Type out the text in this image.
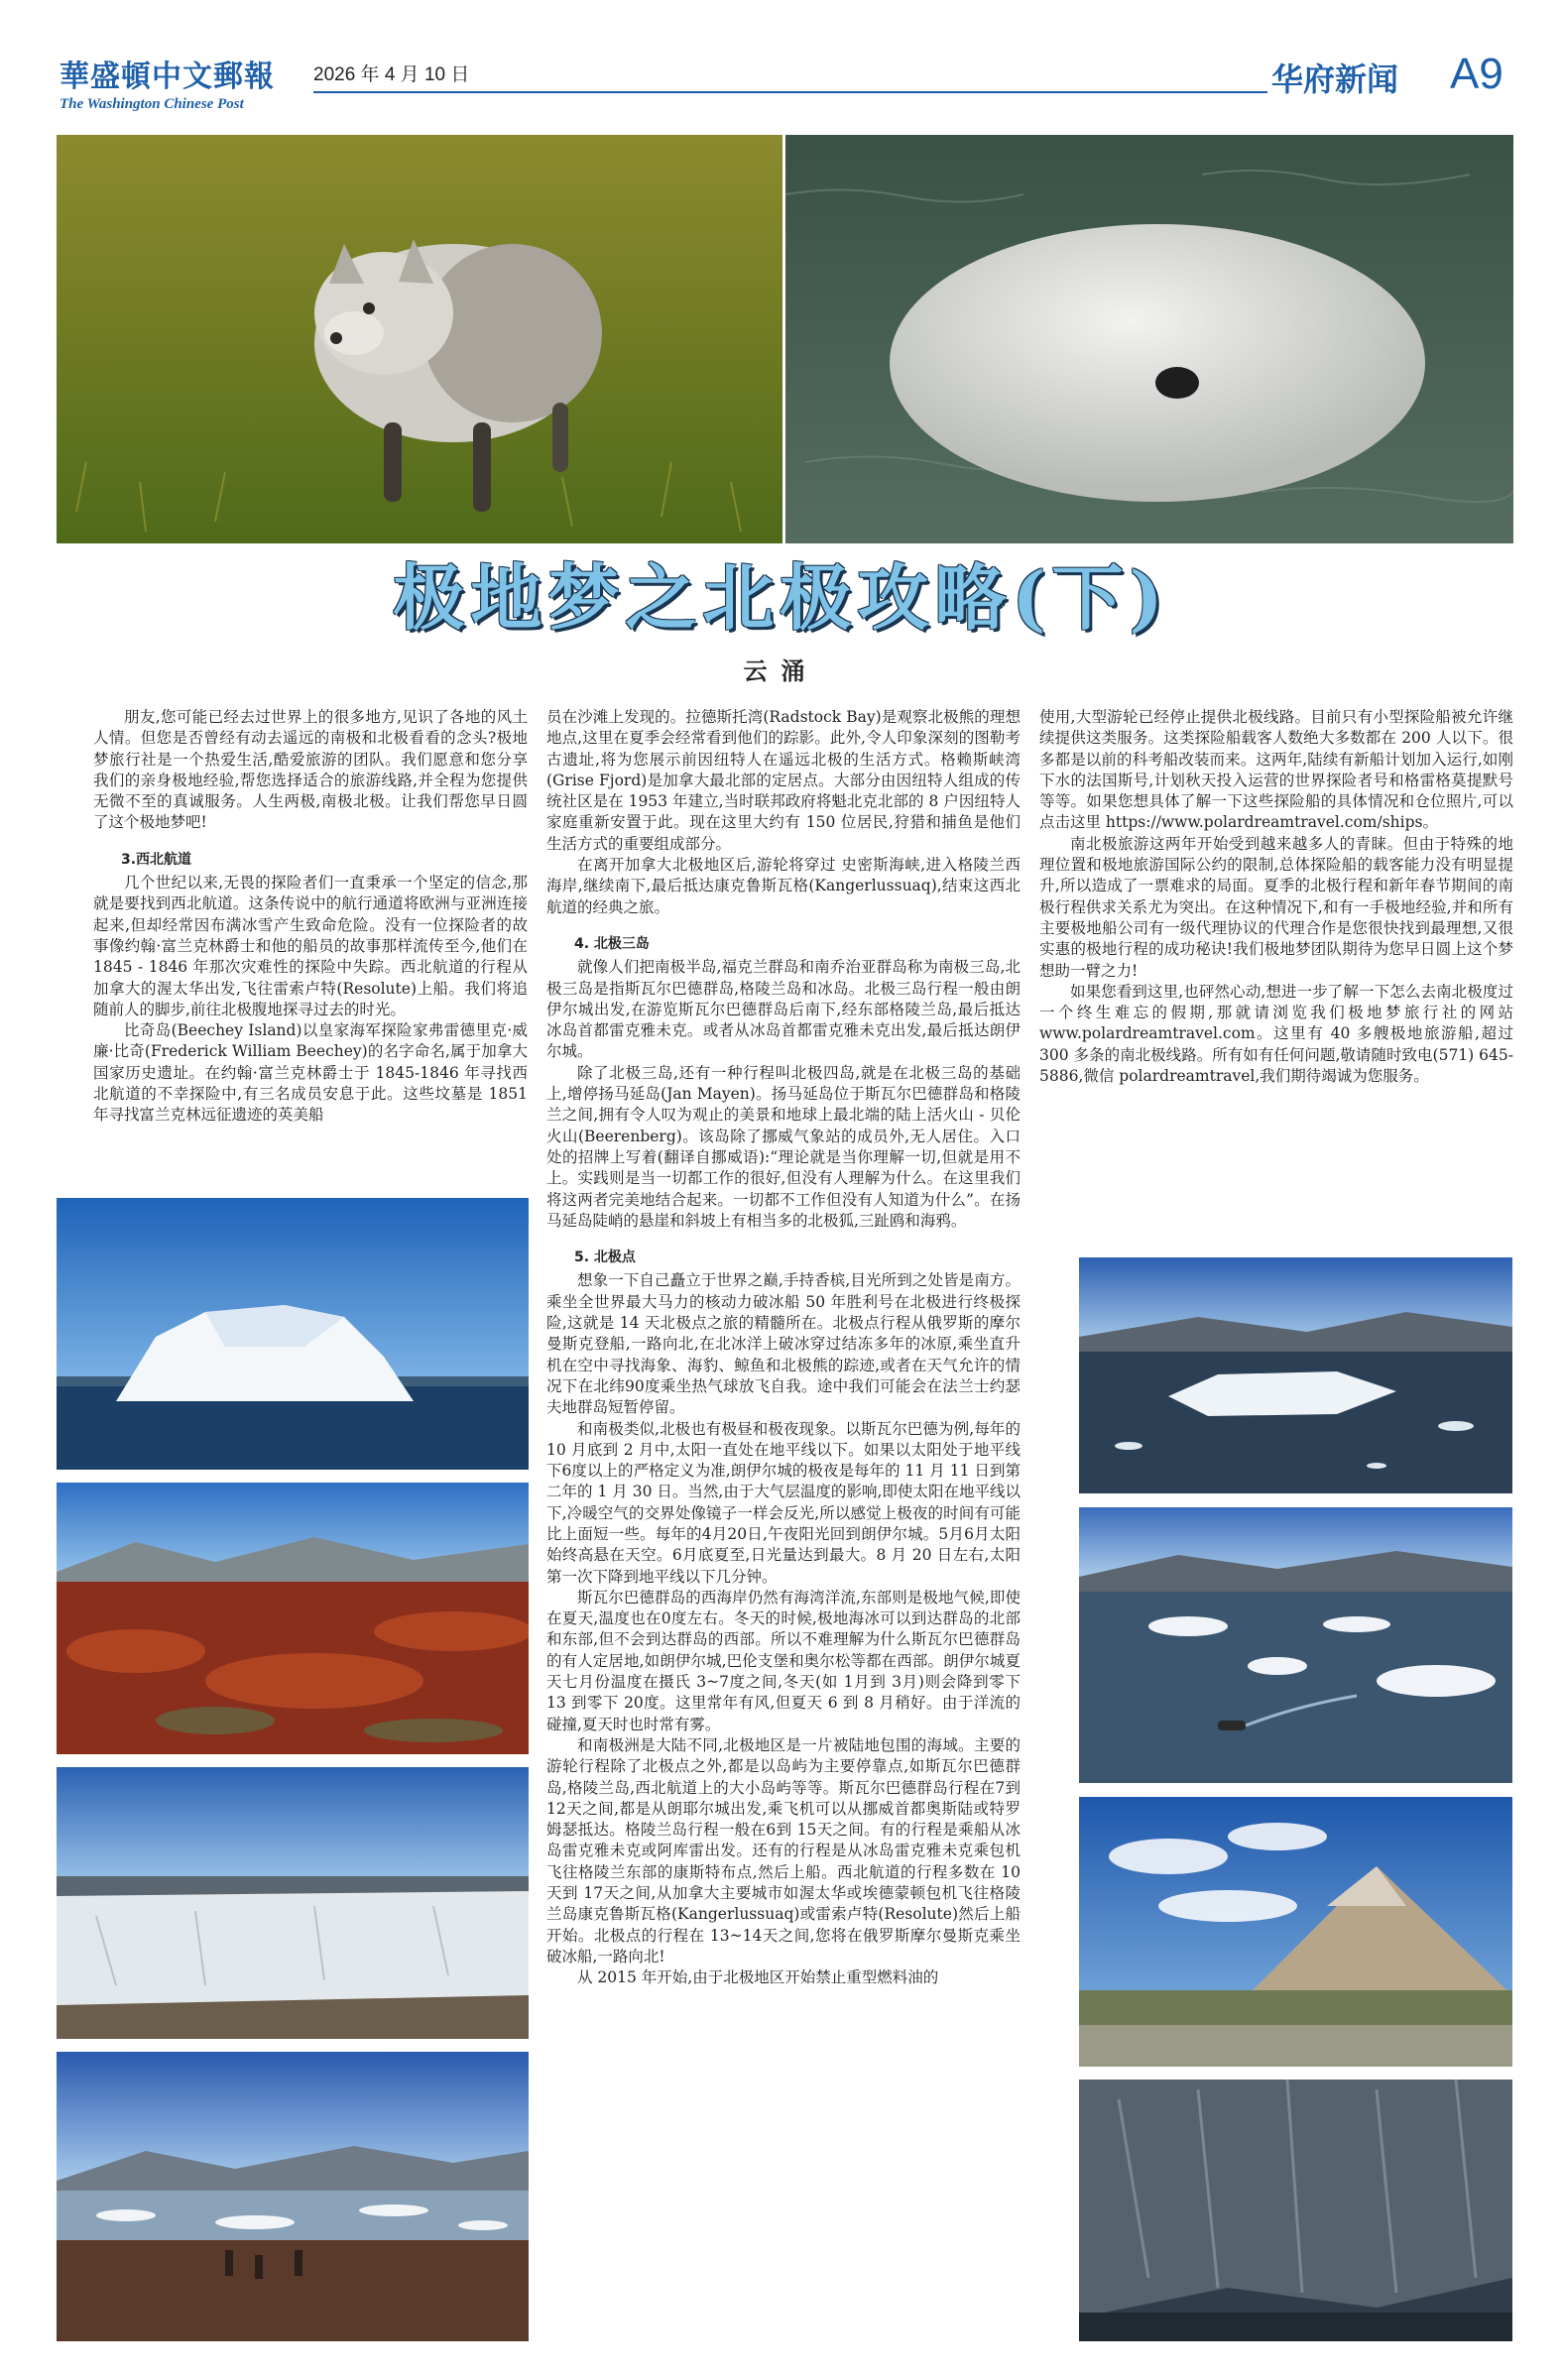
華盛頓中文郵報
The Washington Chinese Post
2026 年 4 月 10 日	华府新闻 A9
极地梦之北极攻略(下)
云涌

朋友,您可能已经去过世界上的很多地方,见识了各地的风土人情。但您是否曾经有动去遥远的南极和北极看看的念头?极地梦旅行社是一个热爱生活,酷爱旅游的团队。我们愿意和您分享我们的亲身极地经验,帮您选择适合的旅游线路,并全程为您提供无微不至的真诚服务。人生两极,南极北极。让我们帮您早日圆了这个极地梦吧!

3.西北航道

几个世纪以来,无畏的探险者们一直秉承一个坚定的信念,那就是要找到西北航道。这条传说中的航行通道将欧洲与亚洲连接起来,但却经常因布满冰雪产生致命危险。没有一位探险者的故事像约翰·富兰克林爵士和他的船员的故事那样流传至今,他们在 1845 - 1846 年那次灾难性的探险中失踪。西北航道的行程从加拿大的渥太华出发,飞往雷索卢特(Resolute)上船。我们将追随前人的脚步,前往北极腹地探寻过去的时光。

比奇岛(Beechey Island)以皇家海军探险家弗雷德里克·威廉·比奇(Frederick William Beechey)的名字命名,属于加拿大国家历史遗址。在约翰·富兰克林爵士于 1845-1846 年寻找西北航道的不幸探险中,有三名成员安息于此。这些坟墓是 1851 年寻找富兰克林远征遗迹的英美船

员在沙滩上发现的。拉德斯托湾(Radstock Bay)是观察北极熊的理想地点,这里在夏季会经常看到他们的踪影。此外,令人印象深刻的图勒考古遗址,将为您展示前因纽特人在遥远北极的生活方式。格赖斯峡湾(Grise Fjord)是加拿大最北部的定居点。大部分由因纽特人组成的传统社区是在 1953 年建立,当时联邦政府将魁北克北部的 8 户因纽特人家庭重新安置于此。现在这里大约有 150 位居民,狩猎和捕鱼是他们生活方式的重要组成部分。

在离开加拿大北极地区后,游轮将穿过 史密斯海峡,进入格陵兰西海岸,继续南下,最后抵达康克鲁斯瓦格(Kangerlussuaq),结束这西北航道的经典之旅。

4. 北极三岛

就像人们把南极半岛,福克兰群岛和南乔治亚群岛称为南极三岛,北极三岛是指斯瓦尔巴德群岛,格陵兰岛和冰岛。北极三岛行程一般由朗伊尔城出发,在游览斯瓦尔巴德群岛后南下,经东部格陵兰岛,最后抵达冰岛首都雷克雅未克。或者从冰岛首都雷克雅未克出发,最后抵达朗伊尔城。

除了北极三岛,还有一种行程叫北极四岛,就是在北极三岛的基础上,增停扬马延岛(Jan Mayen)。扬马延岛位于斯瓦尔巴德群岛和格陵兰之间,拥有令人叹为观止的美景和地球上最北端的陆上活火山 - 贝伦火山(Beerenberg)。该岛除了挪威气象站的成员外,无人居住。入口处的招牌上写着(翻译自挪威语):“理论就是当你理解一切,但就是用不上。实践则是当一切都工作的很好,但没有人理解为什么。在这里我们将这两者完美地结合起来。一切都不工作但没有人知道为什么”。在扬马延岛陡峭的悬崖和斜坡上有相当多的北极狐,三趾鸥和海鸦。

5. 北极点

想象一下自己矗立于世界之巅,手持香槟,目光所到之处皆是南方。乘坐全世界最大马力的核动力破冰船 50 年胜利号在北极进行终极探险,这就是 14 天北极点之旅的精髓所在。北极点行程从俄罗斯的摩尔曼斯克登船,一路向北,在北冰洋上破冰穿过结冻多年的冰原,乘坐直升机在空中寻找海象、海豹、鲸鱼和北极熊的踪迹,或者在天气允许的情况下在北纬90度乘坐热气球放飞自我。途中我们可能会在法兰士约瑟夫地群岛短暂停留。

和南极类似,北极也有极昼和极夜现象。以斯瓦尔巴德为例,每年的 10 月底到 2 月中,太阳一直处在地平线以下。如果以太阳处于地平线下6度以上的严格定义为准,朗伊尔城的极夜是每年的 11 月 11 日到第二年的 1 月 30 日。当然,由于大气层温度的影响,即使太阳在地平线以下,冷暖空气的交界处像镜子一样会反光,所以感觉上极夜的时间有可能比上面短一些。每年的4月20日,午夜阳光回到朗伊尔城。5月6月太阳始终高悬在天空。6月底夏至,日光量达到最大。8 月 20 日左右,太阳第一次下降到地平线以下几分钟。

斯瓦尔巴德群岛的西海岸仍然有海湾洋流,东部则是极地气候,即使在夏天,温度也在0度左右。冬天的时候,极地海冰可以到达群岛的北部和东部,但不会到达群岛的西部。所以不难理解为什么斯瓦尔巴德群岛的有人定居地,如朗伊尔城,巴伦支堡和奥尔松等都在西部。朗伊尔城夏天七月份温度在摄氏 3~7度之间,冬天(如 1月到 3月)则会降到零下 13 到零下 20度。这里常年有风,但夏天 6 到 8 月稍好。由于洋流的碰撞,夏天时也时常有雾。

和南极洲是大陆不同,北极地区是一片被陆地包围的海域。主要的游轮行程除了北极点之外,都是以岛屿为主要停靠点,如斯瓦尔巴德群岛,格陵兰岛,西北航道上的大小岛屿等等。斯瓦尔巴德群岛行程在7到 12天之间,都是从朗耶尔城出发,乘飞机可以从挪威首都奥斯陆或特罗姆瑟抵达。格陵兰岛行程一般在6到 15天之间。有的行程是乘船从冰岛雷克雅未克或阿库雷出发。还有的行程是从冰岛雷克雅未克乘包机飞往格陵兰东部的康斯特布点,然后上船。西北航道的行程多数在 10天到 17天之间,从加拿大主要城市如渥太华或埃德蒙顿包机飞往格陵兰岛康克鲁斯瓦格(Kangerlussuaq)或雷索卢特(Resolute)然后上船开始。北极点的行程在 13~14天之间,您将在俄罗斯摩尔曼斯克乘坐破冰船,一路向北!

从 2015 年开始,由于北极地区开始禁止重型燃料油的

使用,大型游轮已经停止提供北极线路。目前只有小型探险船被允许继续提供这类服务。这类探险船载客人数绝大多数都在 200 人以下。很多都是以前的科考船改装而来。这两年,陆续有新船计划加入运行,如刚下水的法国斯号,计划秋天投入运营的世界探险者号和格雷格莫提默号等等。如果您想具体了解一下这些探险船的具体情况和仓位照片,可以点击这里 https://www.polardreamtravel.com/ships。

南北极旅游这两年开始受到越来越多人的青睐。但由于特殊的地理位置和极地旅游国际公约的限制,总体探险船的载客能力没有明显提升,所以造成了一票难求的局面。夏季的北极行程和新年春节期间的南极行程供求关系尤为突出。在这种情况下,和有一手极地经验,并和所有主要极地船公司有一级代理协议的代理合作是您很快找到最理想,又很实惠的极地行程的成功秘诀!我们极地梦团队期待为您早日圆上这个梦想助一臂之力!

如果您看到这里,也砰然心动,想进一步了解一下怎么去南北极度过一个终生难忘的假期,那就请浏览我们极地梦旅行社的网站 www.polardreamtravel.com。这里有 40 多艘极地旅游船,超过 300 多条的南北极线路。所有如有任何问题,敬请随时致电(571) 645-5886,微信 polardreamtravel,我们期待竭诚为您服务。
